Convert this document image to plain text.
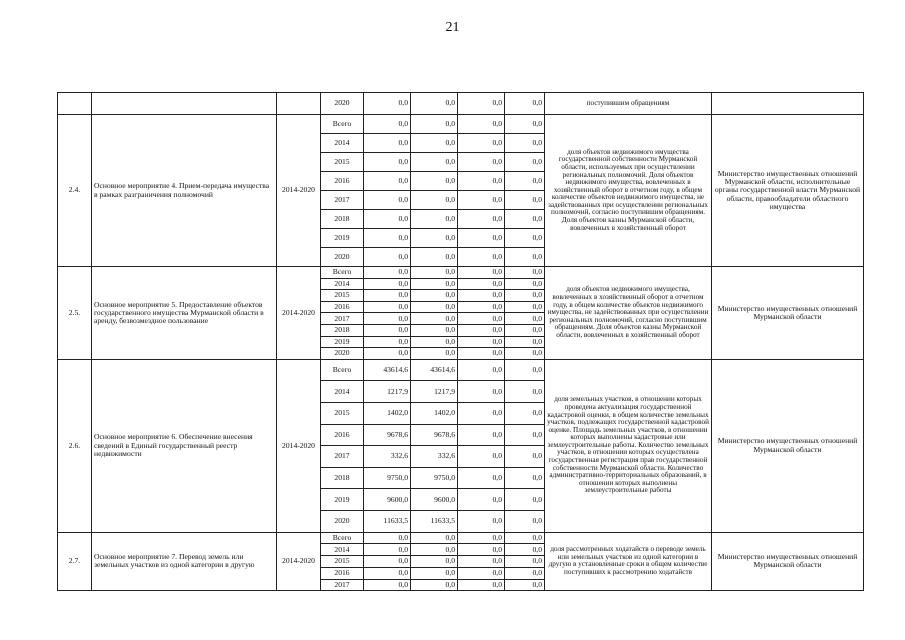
21
			2020	0,0	0,0	0,0	0,0	поступившим обращениям	
2.4.	Основное мероприятие 4. Прием-передача имущества в рамках разграничения полномочий	2014-2020	Всего	0,0	0,0	0,0	0,0	доля объектов недвижимого имущества государственной собственности Мурманской области, используемых при осуществлении региональных полномочий. Доля объектов недвижимого имущества, вовлеченных в хозяйственный оборот в отчетном году, в общем количестве объектов недвижимого имущества, не задействованных при осуществлении региональных полномочий, согласно поступившим обращениям. Доля объектов казны Мурманской области, вовлеченных в хозяйственный оборот	Министерство имущественных отношений Мурманской области, исполнительные органы государственной власти Мурманской области, правообладатели областного имущества
			2014	0,0	0,0	0,0	0,0		
			2015	0,0	0,0	0,0	0,0		
			2016	0,0	0,0	0,0	0,0		
			2017	0,0	0,0	0,0	0,0		
			2018	0,0	0,0	0,0	0,0		
			2019	0,0	0,0	0,0	0,0		
			2020	0,0	0,0	0,0	0,0		
2.5.	Основное мероприятие 5. Предоставление объектов государственного имущества Мурманской области в аренду, безвозмездное пользование	2014-2020	Всего	0,0	0,0	0,0	0,0	доля объектов недвижимого имущества, вовлеченных в хозяйственный оборот в отчетном году, в общем количестве объектов недвижимого имущества, не задействованных при осуществлении региональных полномочий, согласно поступившим обращениям. Доля объектов казны Мурманской области, вовлеченных в хозяйственный оборот	Министерство имущественных отношений Мурманской области
			2014	0,0	0,0	0,0	0,0		
			2015	0,0	0,0	0,0	0,0		
			2016	0,0	0,0	0,0	0,0		
			2017	0,0	0,0	0,0	0,0		
			2018	0,0	0,0	0,0	0,0		
			2019	0,0	0,0	0,0	0,0		
			2020	0,0	0,0	0,0	0,0		
2.6.	Основное мероприятие 6. Обеспечение внесения сведений в Единый государственный реестр недвижимости	2014-2020	Всего	43614,6	43614,6	0,0	0,0	доля земельных участков, в отношении которых проведена актуализация государственной кадастровой оценки, в общем количестве земельных участков, подлежащих государственной кадастровой оценке. Площадь земельных участков, в отношении которых выполнены кадастровые или землеустроительные работы. Количество земельных участков, в отношении которых осуществлена государственная регистрация прав государственной собственности Мурманской области. Количество административно-территориальных образований, в отношении которых выполнены землеустроительные работы	Министерство имущественных отношений Мурманской области
			2014	1217,9	1217,9	0,0	0,0		
			2015	1402,0	1402,0	0,0	0,0		
			2016	9678,6	9678,6	0,0	0,0		
			2017	332,6	332,6	0,0	0,0		
			2018	9750,0	9750,0	0,0	0,0		
			2019	9600,0	9600,0	0,0	0,0		
			2020	11633,5	11633,5	0,0	0,0		
2.7.	Основное мероприятие 7. Перевод земель или земельных участков из одной категории в другую	2014-2020	Всего	0,0	0,0	0,0	0,0	доля рассмотренных ходатайств о переводе земель или земельных участков из одной категории в другую в установленные сроки в общем количестве поступивших к рассмотрению ходатайств	Министерство имущественных отношений Мурманской области
			2014	0,0	0,0	0,0	0,0		
			2015	0,0	0,0	0,0	0,0		
			2016	0,0	0,0	0,0	0,0		
			2017	0,0	0,0	0,0	0,0		
